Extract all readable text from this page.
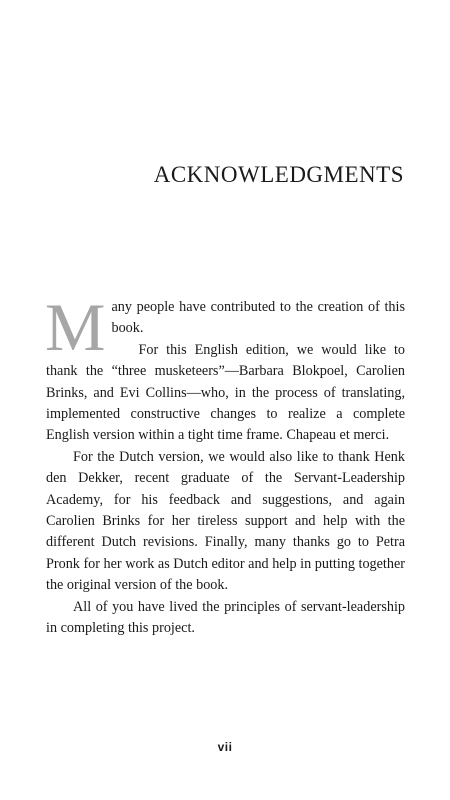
ACKNOWLEDGMENTS

Many people have contributed to the creation of this book.

For this English edition, we would like to thank the “three musketeers”—Barbara Blokpoel, Carolien Brinks, and Evi Collins—who, in the process of translating, implemented constructive changes to realize a complete English version within a tight time frame. Chapeau et merci.

For the Dutch version, we would also like to thank Henk den Dekker, recent graduate of the Servant-Leadership Academy, for his feedback and suggestions, and again Carolien Brinks for her tireless support and help with the different Dutch revisions. Finally, many thanks go to Petra Pronk for her work as Dutch editor and help in putting together the original version of the book.

All of you have lived the principles of servant-leadership in completing this project.

vii
